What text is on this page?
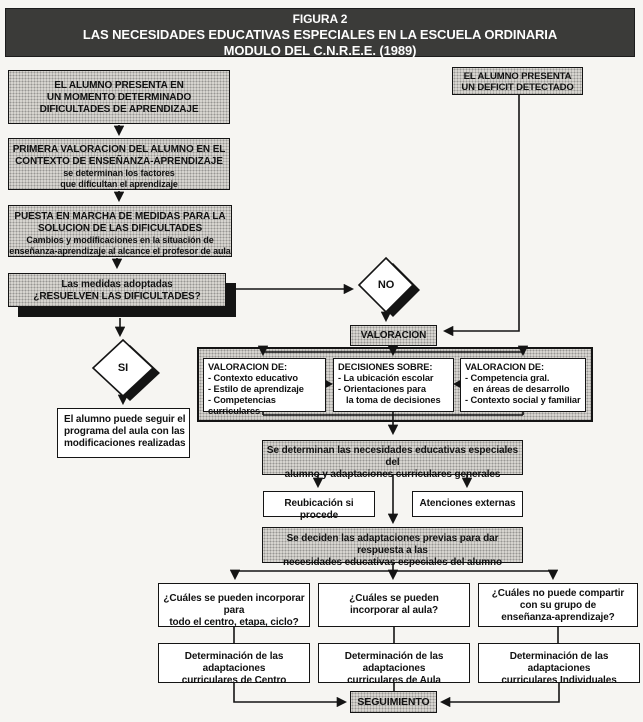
FIGURA 2
LAS NECESIDADES EDUCATIVAS ESPECIALES EN LA ESCUELA ORDINARIA
MODULO DEL C.N.R.E.E. (1989)
NO
SI
EL ALUMNO PRESENTA EN
UN MOMENTO DETERMINADO
DIFICULTADES DE APRENDIZAJE
PRIMERA VALORACION DEL ALUMNO EN EL
CONTEXTO DE ENSEÑANZA-APRENDIZAJE
se determinan los factores
que dificultan el aprendizaje
PUESTA EN MARCHA DE MEDIDAS PARA LA
SOLUCION DE LAS DIFICULTADES
Cambios y modificaciones en la situación de
enseñanza-aprendizaje al alcance el profesor de aula
Las medidas adoptadas
¿RESUELVEN LAS DIFICULTADES?
El alumno puede seguir el
programa del aula con las
modificaciones realizadas
EL ALUMNO PRESENTA
UN DEFICIT DETECTADO
VALORACION
VALORACION DE:
- Contexto educativo
- Estilo de aprendizaje
- Competencias curriculares
DECISIONES SOBRE:
- La ubicación escolar
- Orientaciones para
la toma de decisiones
VALORACION DE:
- Competencia gral.
en áreas de desarrollo
- Contexto social y familiar
Se determinan las necesidades educativas especiales del
alumno y adaptaciones curriculares generales
Reubicación si procede
Atenciones externas
Se deciden las adaptaciones previas para dar respuesta a las
necesidades educativas especiales del alumno
¿Cuáles se pueden incorporar para
todo el centro, etapa, ciclo?
¿Cuáles se pueden
incorporar al aula?
¿Cuáles no puede compartir
con su grupo de
enseñanza-aprendizaje?
Determinación de las adaptaciones
curriculares de Centro
Determinación de las adaptaciones
curriculares de Aula
Determinación de las adaptaciones
curriculares Individuales
SEGUIMIENTO
